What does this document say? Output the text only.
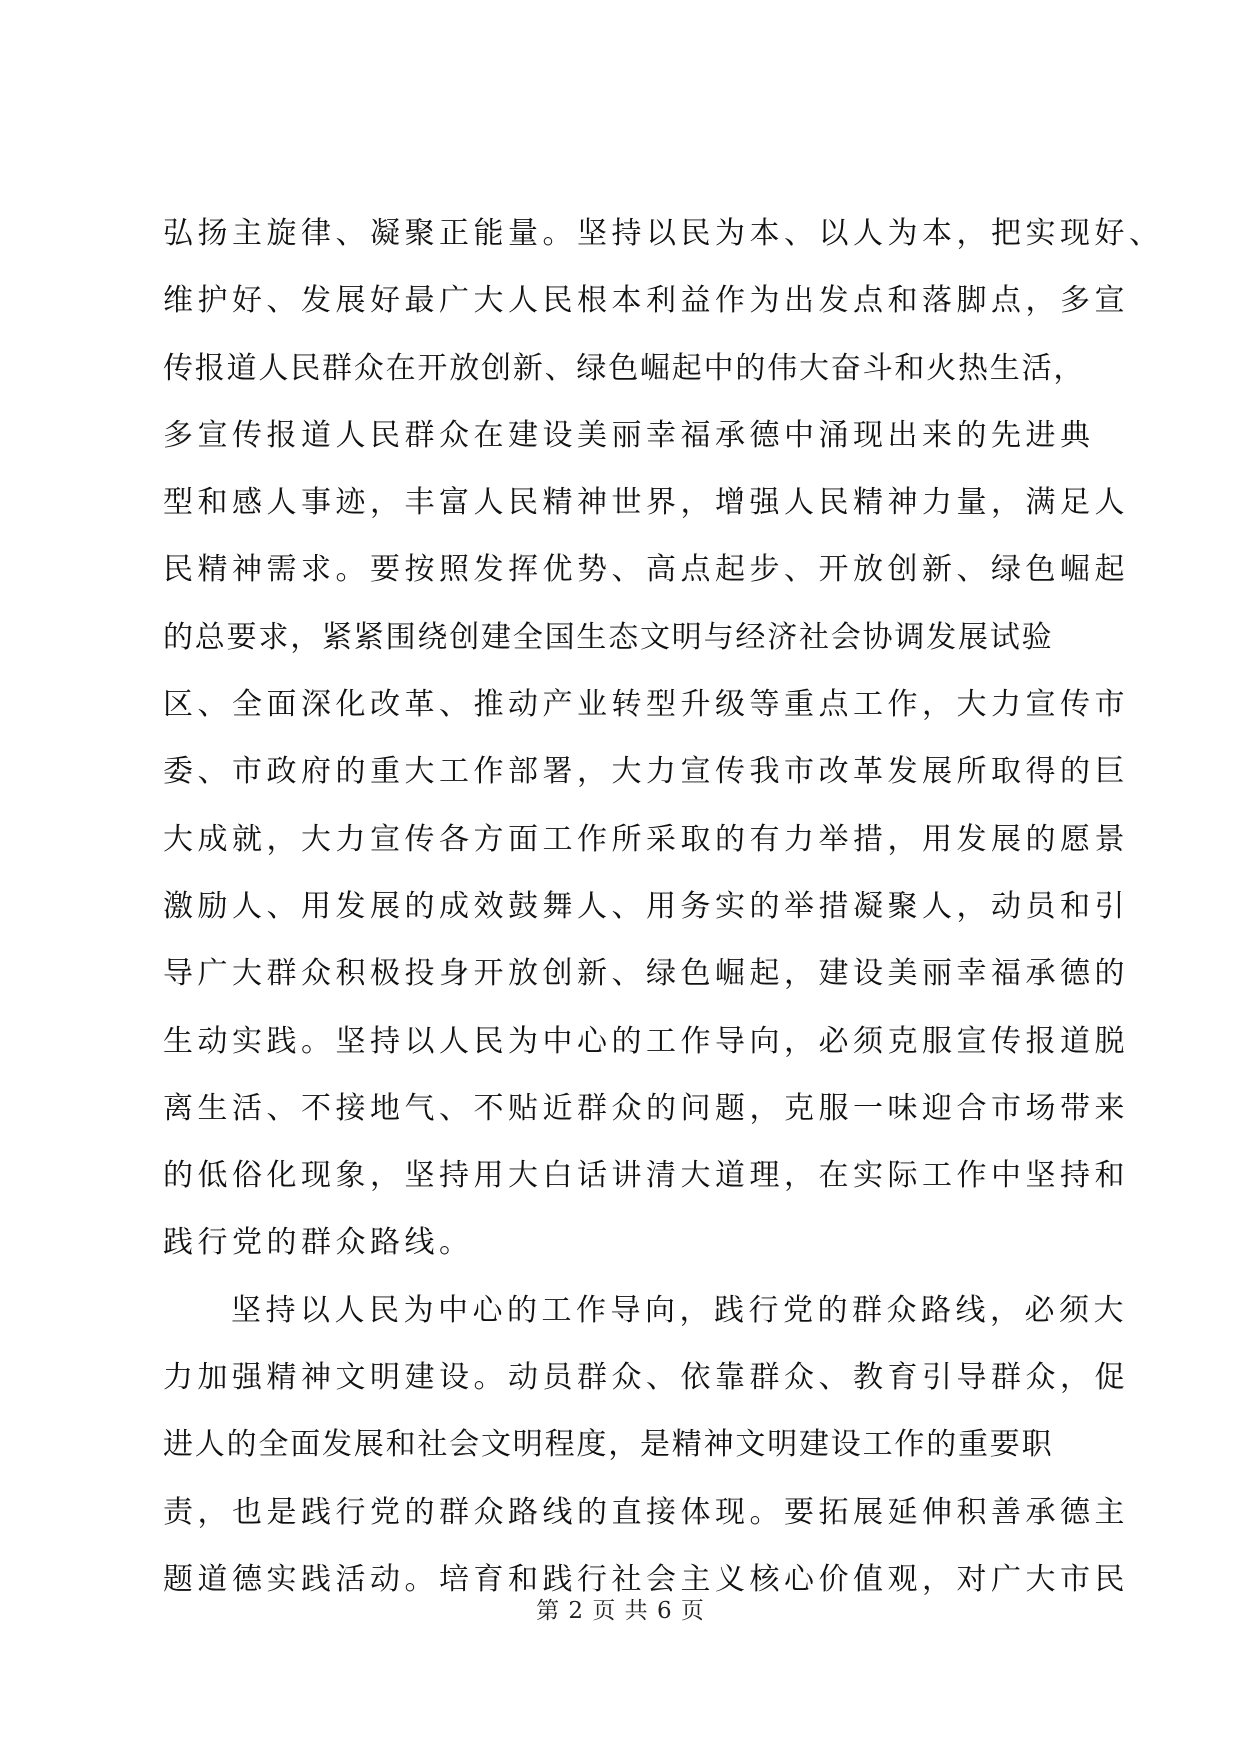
弘扬主旋律、凝聚正能量。坚持以民为本、以人为本，把实现好、
维护好、发展好最广大人民根本利益作为出发点和落脚点，多宣
传报道人民群众在开放创新、绿色崛起中的伟大奋斗和火热生活，
多宣传报道人民群众在建设美丽幸福承德中涌现出来的先进典
型和感人事迹，丰富人民精神世界，增强人民精神力量，满足人
民精神需求。要按照发挥优势、高点起步、开放创新、绿色崛起
的总要求，紧紧围绕创建全国生态文明与经济社会协调发展试验
区、全面深化改革、推动产业转型升级等重点工作，大力宣传市
委、市政府的重大工作部署，大力宣传我市改革发展所取得的巨
大成就，大力宣传各方面工作所采取的有力举措，用发展的愿景
激励人、用发展的成效鼓舞人、用务实的举措凝聚人，动员和引
导广大群众积极投身开放创新、绿色崛起，建设美丽幸福承德的
生动实践。坚持以人民为中心的工作导向，必须克服宣传报道脱
离生活、不接地气、不贴近群众的问题，克服一味迎合市场带来
的低俗化现象，坚持用大白话讲清大道理，在实际工作中坚持和
践行党的群众路线。
坚持以人民为中心的工作导向，践行党的群众路线，必须大
力加强精神文明建设。动员群众、依靠群众、教育引导群众，促
进人的全面发展和社会文明程度，是精神文明建设工作的重要职
责，也是践行党的群众路线的直接体现。要拓展延伸积善承德主
题道德实践活动。培育和践行社会主义核心价值观，对广大市民
第 2 页 共 6 页
